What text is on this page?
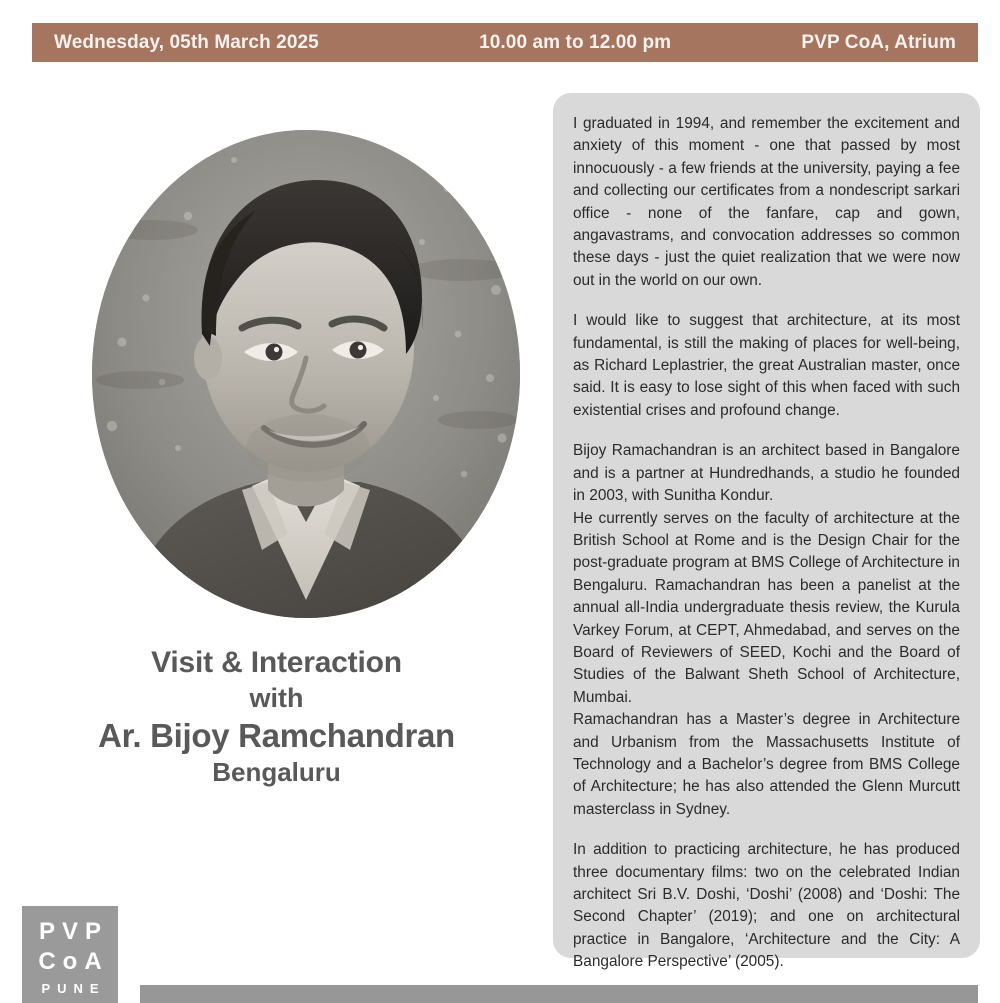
Wednesday, 05th March 2025	10.00 am to 12.00 pm	PVP CoA, Atrium
Visit & Interaction
with
Ar. Bijoy Ramchandran
Bengaluru
PVP
CoA
PUNE

I graduated in 1994, and remember the excitement and anxiety of this moment - one that passed by most innocuously - a few friends at the university, paying a fee and collecting our certificates from a nondescript sarkari office - none of the fanfare, cap and gown, angavastrams, and convocation addresses so common these days - just the quiet realization that we were now out in the world on our own.

I would like to suggest that architecture, at its most fundamental, is still the making of places for well-being, as Richard Leplastrier, the great Australian master, once said. It is easy to lose sight of this when faced with such existential crises and profound change.

Bijoy Ramachandran is an architect based in Bangalore and is a partner at Hundredhands, a studio he founded in 2003, with Sunitha Kondur.

He currently serves on the faculty of architecture at the British School at Rome and is the Design Chair for the post-graduate program at BMS College of Architecture in Bengaluru. Ramachandran has been a panelist at the annual all-India undergraduate thesis review, the Kurula Varkey Forum, at CEPT, Ahmedabad, and serves on the Board of Reviewers of SEED, Kochi and the Board of Studies of the Balwant Sheth School of Architecture, Mumbai.

Ramachandran has a Master’s degree in Architecture and Urbanism from the Massachusetts Institute of Technology and a Bachelor’s degree from BMS College of Architecture; he has also attended the Glenn Murcutt masterclass in Sydney.

In addition to practicing architecture, he has produced three documentary films: two on the celebrated Indian architect Sri B.V. Doshi, ‘Doshi’ (2008) and ‘Doshi: The Second Chapter’ (2019); and one on architectural practice in Bangalore, ‘Architecture and the City: A Bangalore Perspective’ (2005).
